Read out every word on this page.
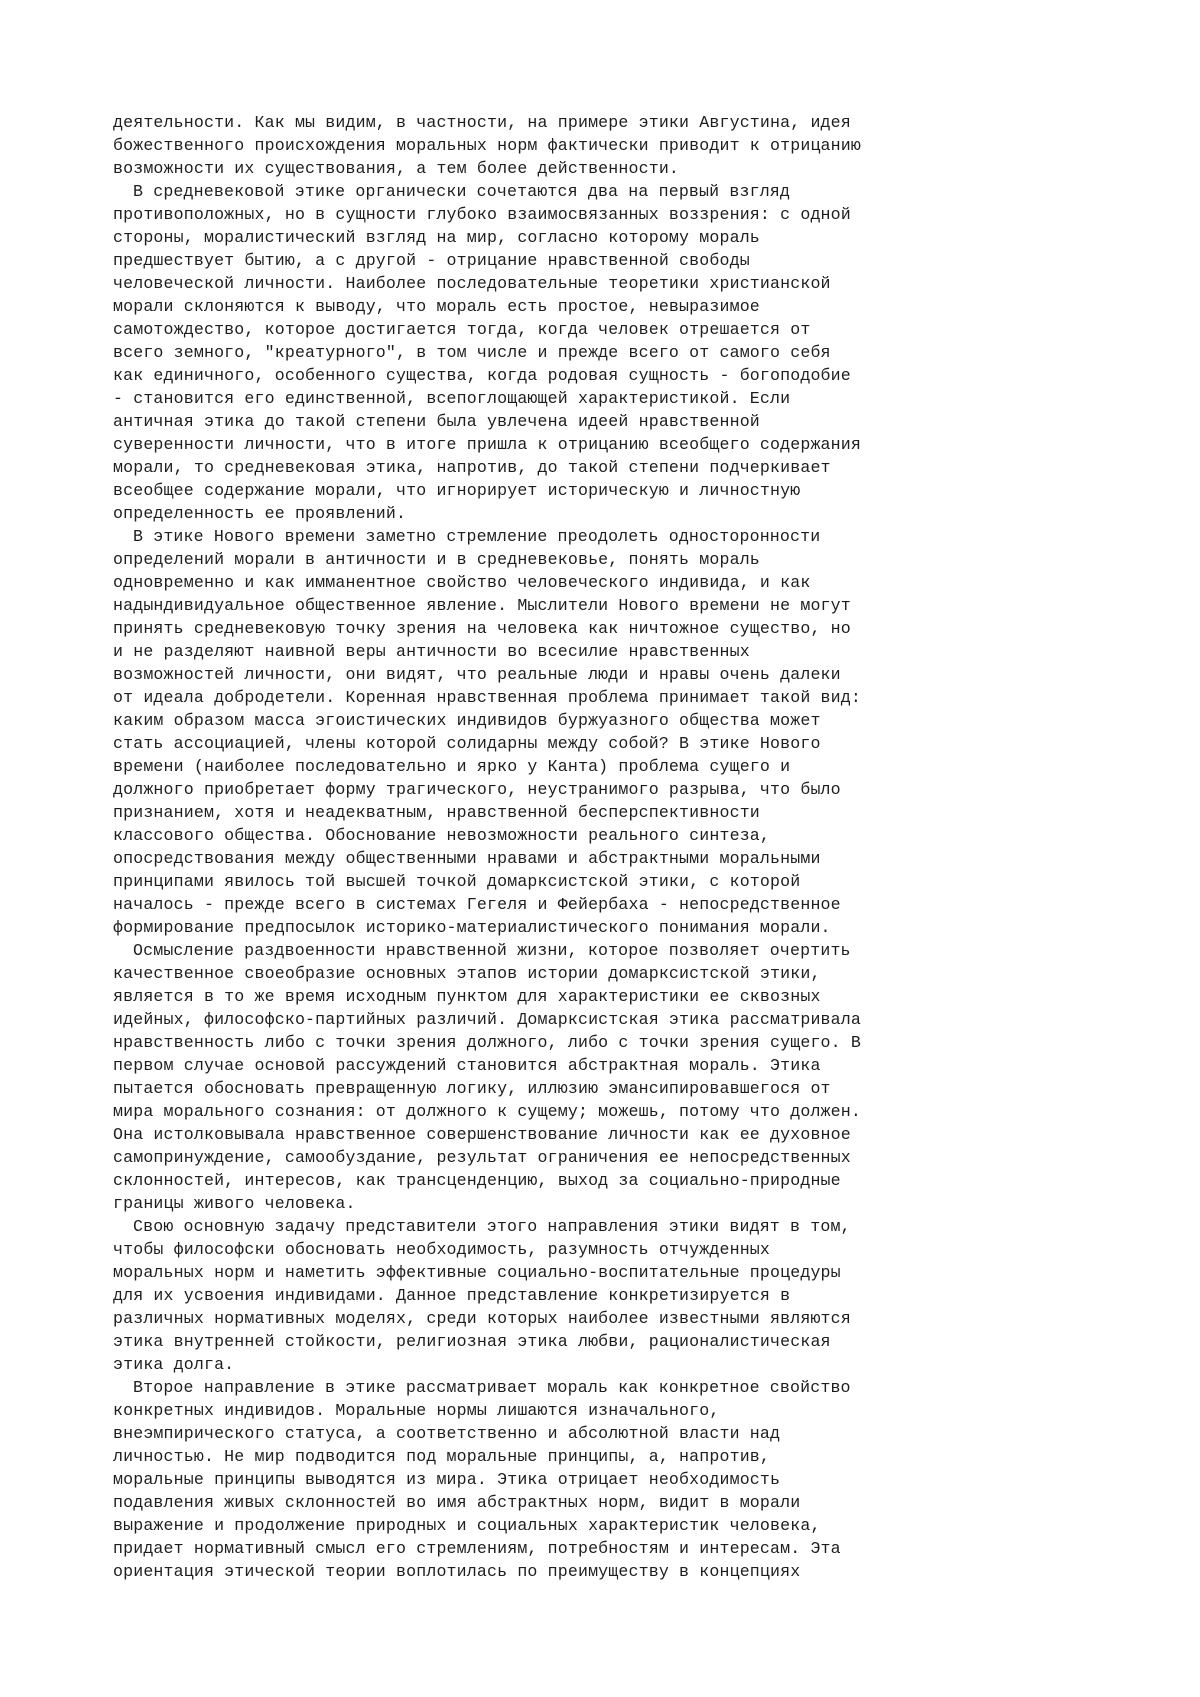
деятельности. Как мы видим, в частности, на примере этики Августина, идея
божественного происхождения моральных норм фактически приводит к отрицанию
возможности их существования, а тем более действенности.
В средневековой этике органически сочетаются два на первый взгляд
противоположных, но в сущности глубоко взаимосвязанных воззрения: с одной
стороны, моралистический взгляд на мир, согласно которому мораль
предшествует бытию, а с другой - отрицание нравственной свободы
человеческой личности. Наиболее последовательные теоретики христианской
морали склоняются к выводу, что мораль есть простое, невыразимое
самотождество, которое достигается тогда, когда человек отрешается от
всего земного, "креатурного", в том числе и прежде всего от самого себя
как единичного, особенного существа, когда родовая сущность - богоподобие
- становится его единственной, всепоглощающей характеристикой. Если
античная этика до такой степени была увлечена идеей нравственной
суверенности личности, что в итоге пришла к отрицанию всеобщего содержания
морали, то средневековая этика, напротив, до такой степени подчеркивает
всеобщее содержание морали, что игнорирует историческую и личностную
определенность ее проявлений.
В этике Нового времени заметно стремление преодолеть односторонности
определений морали в античности и в средневековье, понять мораль
одновременно и как имманентное свойство человеческого индивида, и как
надындивидуальное общественное явление. Мыслители Нового времени не могут
принять средневековую точку зрения на человека как ничтожное существо, но
и не разделяют наивной веры античности во всесилие нравственных
возможностей личности, они видят, что реальные люди и нравы очень далеки
от идеала добродетели. Коренная нравственная проблема принимает такой вид:
каким образом масса эгоистических индивидов буржуазного общества может
стать ассоциацией, члены которой солидарны между собой? В этике Нового
времени (наиболее последовательно и ярко у Канта) проблема сущего и
должного приобретает форму трагического, неустранимого разрыва, что было
признанием, хотя и неадекватным, нравственной бесперспективности
классового общества. Обоснование невозможности реального синтеза,
опосредствования между общественными нравами и абстрактными моральными
принципами явилось той высшей точкой домарксистской этики, с которой
началось - прежде всего в системах Гегеля и Фейербаха - непосредственное
формирование предпосылок историко-материалистического понимания морали.
Осмысление раздвоенности нравственной жизни, которое позволяет очертить
качественное своеобразие основных этапов истории домарксистской этики,
является в то же время исходным пунктом для характеристики ее сквозных
идейных, философско-партийных различий. Домарксистская этика рассматривала
нравственность либо с точки зрения должного, либо с точки зрения сущего. В
первом случае основой рассуждений становится абстрактная мораль. Этика
пытается обосновать превращенную логику, иллюзию эмансипировавшегося от
мира морального сознания: от должного к сущему; можешь, потому что должен.
Она истолковывала нравственное совершенствование личности как ее духовное
самопринуждение, самообуздание, результат ограничения ее непосредственных
склонностей, интересов, как трансценденцию, выход за социально-природные
границы живого человека.
Свою основную задачу представители этого направления этики видят в том,
чтобы философски обосновать необходимость, разумность отчужденных
моральных норм и наметить эффективные социально-воспитательные процедуры
для их усвоения индивидами. Данное представление конкретизируется в
различных нормативных моделях, среди которых наиболее известными являются
этика внутренней стойкости, религиозная этика любви, рационалистическая
этика долга.
Второе направление в этике рассматривает мораль как конкретное свойство
конкретных индивидов. Моральные нормы лишаются изначального,
внеэмпирического статуса, а соответственно и абсолютной власти над
личностью. Не мир подводится под моральные принципы, а, напротив,
моральные принципы выводятся из мира. Этика отрицает необходимость
подавления живых склонностей во имя абстрактных норм, видит в морали
выражение и продолжение природных и социальных характеристик человека,
придает нормативный смысл его стремлениям, потребностям и интересам. Эта
ориентация этической теории воплотилась по преимуществу в концепциях
